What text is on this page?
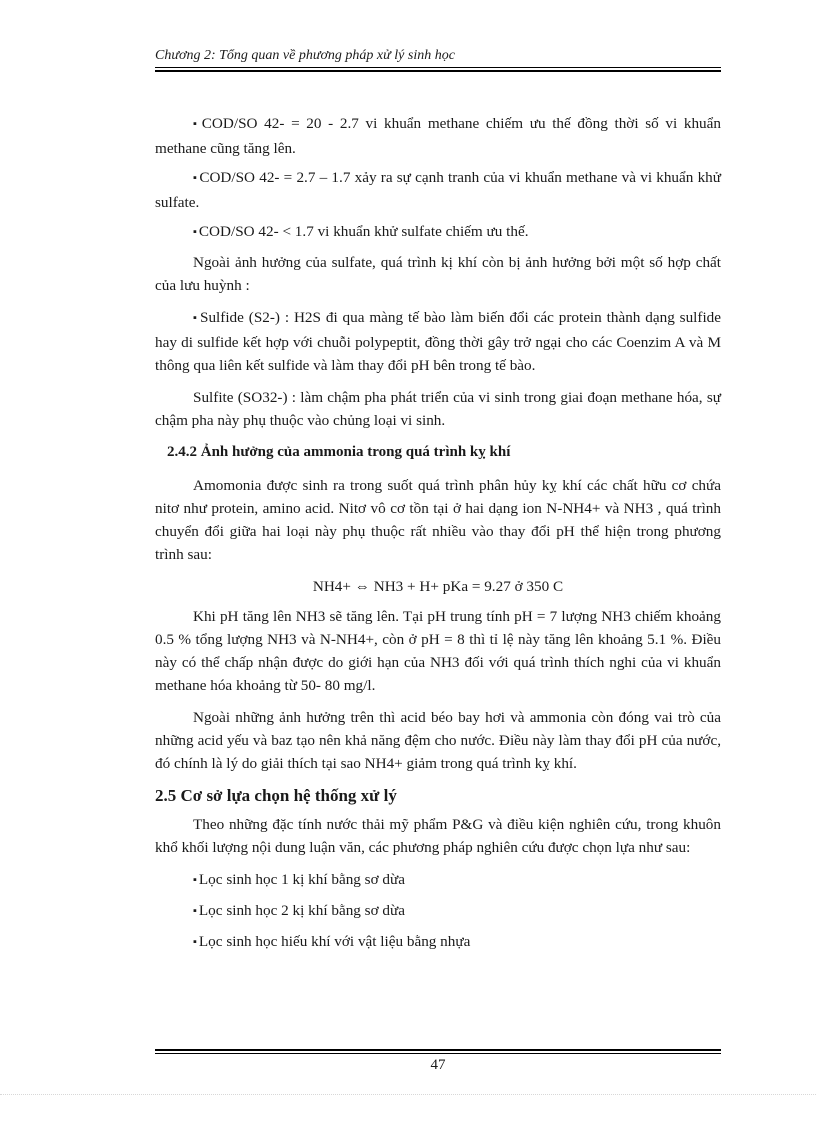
Chương 2: Tổng quan về phương pháp xử lý sinh học

▪ COD/SO 42- = 20 - 2.7 vi khuẩn methane chiếm ưu thế đồng thời số vi khuẩn methane cũng tăng lên.

▪ COD/SO 42- = 2.7 – 1.7 xảy ra sự cạnh tranh của vi khuẩn methane và vi khuẩn khử sulfate.

▪ COD/SO 42- < 1.7 vi khuẩn khử sulfate chiếm ưu thế.

Ngoài ảnh hưởng của sulfate, quá trình kị khí còn bị ảnh hưởng bởi một số hợp chất của lưu huỳnh :

▪ Sulfide (S2-) : H2S đi qua màng tế bào làm biến đổi các protein thành dạng sulfide hay di sulfide kết hợp với chuỗi polypeptit, đồng thời gây trở ngại cho các Coenzim A và M thông qua liên kết sulfide và làm thay đổi pH bên trong tế bào.

Sulfite (SO32-) : làm chậm pha phát triển của vi sinh trong giai đoạn methane hóa, sự chậm pha này phụ thuộc vào chủng loại vi sinh.

2.4.2 Ảnh hưởng của ammonia trong quá trình kỵ khí

Amomonia được sinh ra trong suốt quá trình phân hủy kỵ khí các chất hữu cơ chứa nitơ như protein, amino acid. Nitơ vô cơ tồn tại ở hai dạng ion N-NH4+ và NH3 , quá trình chuyển đổi giữa hai loại này phụ thuộc rất nhiều vào thay đổi pH thể hiện trong phương trình sau:

NH4+ ⇔ NH3 + H+ pKa = 9.27 ở 350 C

Khi pH tăng lên NH3 sẽ tăng lên. Tại pH trung tính pH = 7 lượng NH3 chiếm khoảng 0.5 % tổng lượng NH3 và N-NH4+, còn ở pH = 8 thì tỉ lệ này tăng lên khoảng 5.1 %. Điều này có thể chấp nhận được do giới hạn của NH3 đối với quá trình thích nghi của vi khuẩn methane hóa khoảng từ 50- 80 mg/l.

Ngoài những ảnh hưởng trên thì acid béo bay hơi và ammonia còn đóng vai trò của những acid yếu và baz tạo nên khả năng đệm cho nước. Điều này làm thay đổi pH của nước, đó chính là lý do giải thích tại sao NH4+ giảm trong quá trình kỵ khí.

2.5 Cơ sở lựa chọn hệ thống xử lý

Theo những đặc tính nước thải mỹ phẩm P&G và điều kiện nghiên cứu, trong khuôn khổ khối lượng nội dung luận văn, các phương pháp nghiên cứu được chọn lựa như sau:

▪ Lọc sinh học 1 kị khí bằng sơ dừa

▪ Lọc sinh học 2 kị khí bằng sơ dừa

▪ Lọc sinh học hiếu khí với vật liệu bằng nhựa

47
